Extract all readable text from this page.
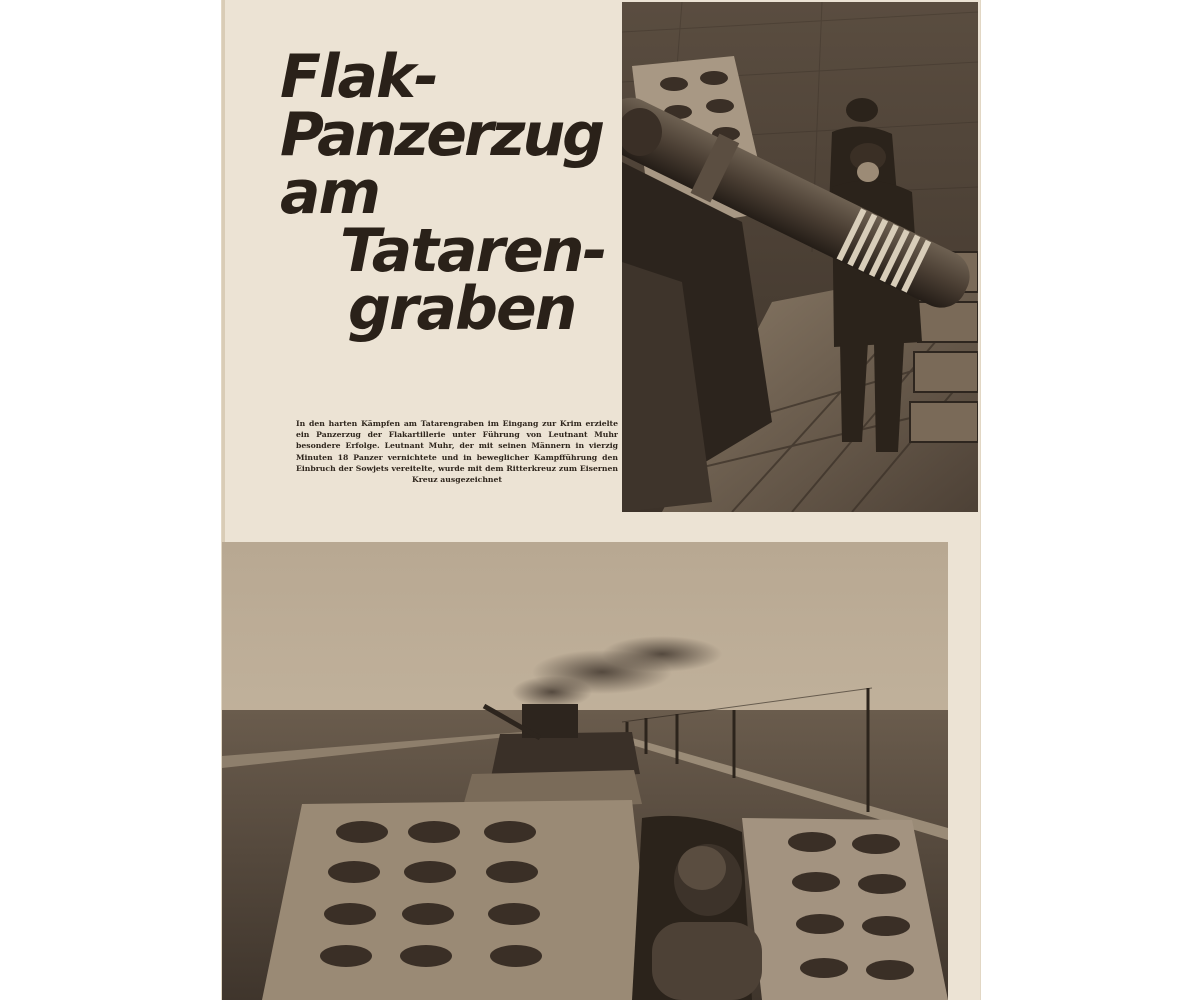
Flak-
Panzerzug
am
Tataren-
graben

In den harten Kämpfen am Tatarengraben im Eingang zur Krim erzielte ein Panzerzug der Flakartillerie unter Führung von Leutnant Muhr besondere Erfolge. Leutnant Muhr, der mit seinen Männern in vierzig Minuten 18 Panzer vernichtete und in beweglicher Kampfführung den Einbruch der Sowjets vereitelte, wurde mit dem Ritterkreuz zum Eisernen Kreuz ausgezeichnet
